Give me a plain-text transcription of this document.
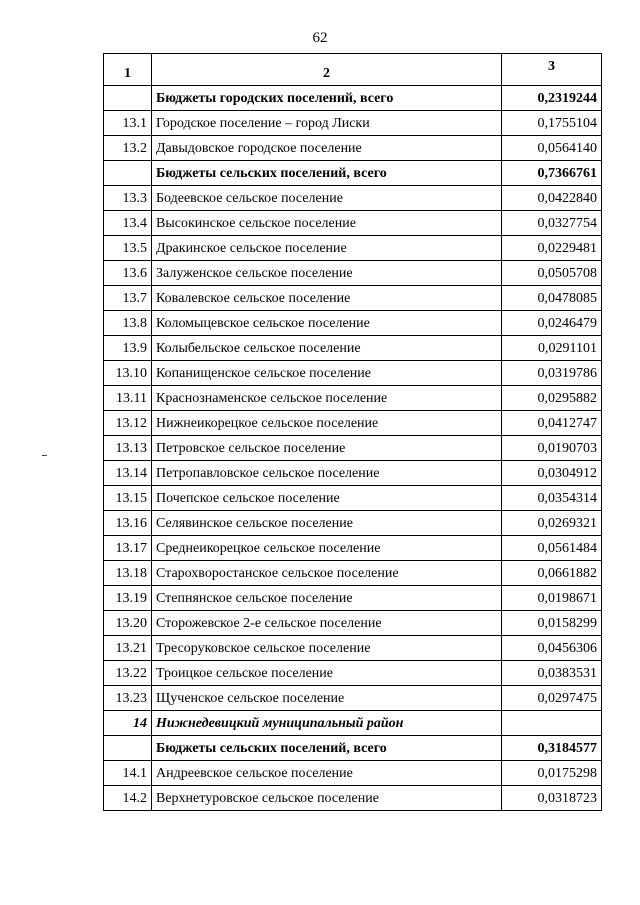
62
1	2	3
	Бюджеты городских поселений, всего	0,2319244
13.1	Городское поселение – город Лиски	0,1755104
13.2	Давыдовское городское поселение	0,0564140
	Бюджеты сельских поселений, всего	0,7366761
13.3	Бодеевское сельское поселение	0,0422840
13.4	Высокинское сельское поселение	0,0327754
13.5	Дракинское сельское поселение	0,0229481
13.6	Залуженское сельское поселение	0,0505708
13.7	Ковалевское сельское поселение	0,0478085
13.8	Коломыцевское сельское поселение	0,0246479
13.9	Колыбельское сельское поселение	0,0291101
13.10	Копанищенское сельское поселение	0,0319786
13.11	Краснознаменское сельское поселение	0,0295882
13.12	Нижнеикорецкое сельское поселение	0,0412747
13.13	Петровское сельское поселение	0,0190703
13.14	Петропавловское сельское поселение	0,0304912
13.15	Почепское сельское поселение	0,0354314
13.16	Селявинское сельское поселение	0,0269321
13.17	Среднеикорецкое сельское поселение	0,0561484
13.18	Старохворостанское сельское поселение	0,0661882
13.19	Степнянское сельское поселение	0,0198671
13.20	Сторожевское 2-е сельское поселение	0,0158299
13.21	Тресоруковское сельское поселение	0,0456306
13.22	Троицкое сельское поселение	0,0383531
13.23	Щученское сельское поселение	0,0297475
14	Нижнедевицкий муниципальный район	
	Бюджеты сельских поселений, всего	0,3184577
14.1	Андреевское сельское поселение	0,0175298
14.2	Верхнетуровское сельское поселение	0,0318723
